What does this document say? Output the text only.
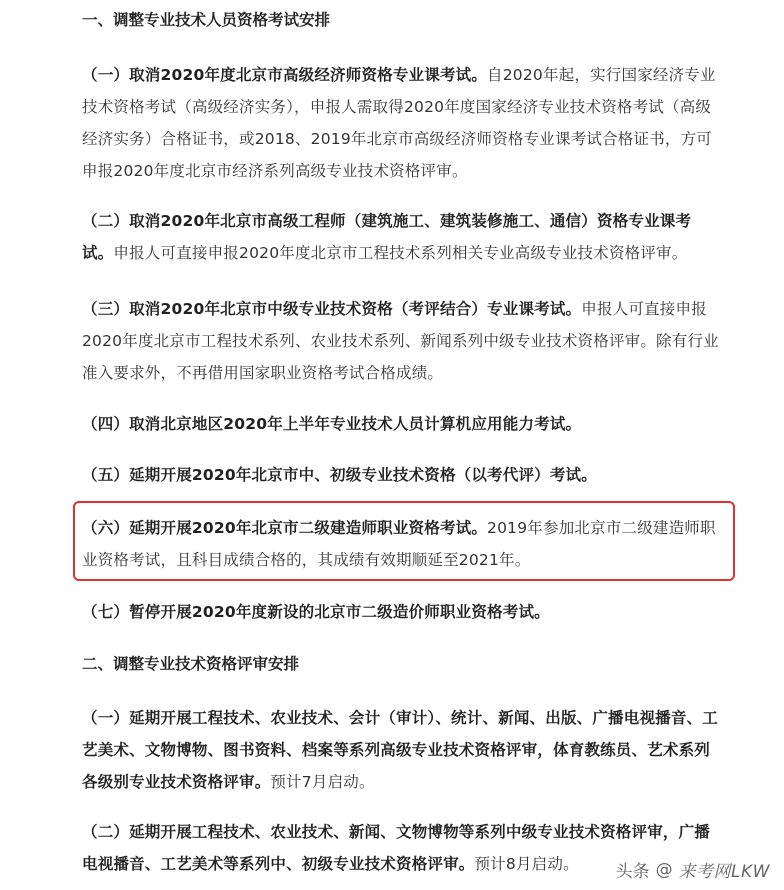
一、调整专业技术人员资格考试安排
（一）取消2020年度北京市高级经济师资格专业课考试。自2020年起，实行国家经济专业技术资格考试（高级经济实务），申报人需取得2020年度国家经济专业技术资格考试（高级经济实务）合格证书，或2018、2019年北京市高级经济师资格专业课考试合格证书，方可申报2020年度北京市经济系列高级专业技术资格评审。
（二）取消2020年北京市高级工程师（建筑施工、建筑装修施工、通信）资格专业课考试。申报人可直接申报2020年度北京市工程技术系列相关专业高级专业技术资格评审。
（三）取消2020年北京市中级专业技术资格（考评结合）专业课考试。申报人可直接申报2020年度北京市工程技术系列、农业技术系列、新闻系列中级专业技术资格评审。除有行业准入要求外，不再借用国家职业资格考试合格成绩。
（四）取消北京地区2020年上半年专业技术人员计算机应用能力考试。
（五）延期开展2020年北京市中、初级专业技术资格（以考代评）考试。
（六）延期开展2020年北京市二级建造师职业资格考试。2019年参加北京市二级建造师职业资格考试，且科目成绩合格的，其成绩有效期顺延至2021年。
（七）暂停开展2020年度新设的北京市二级造价师职业资格考试。
二、调整专业技术资格评审安排
（一）延期开展工程技术、农业技术、会计（审计）、统计、新闻、出版、广播电视播音、工艺美术、文物博物、图书资料、档案等系列高级专业技术资格评审，体育教练员、艺术系列各级别专业技术资格评审。预计7月启动。
（二）延期开展工程技术、农业技术、新闻、文物博物等系列中级专业技术资格评审，广播电视播音、工艺美术等系列中、初级专业技术资格评审。预计8月启动。	头条 @ 来考网LKW
